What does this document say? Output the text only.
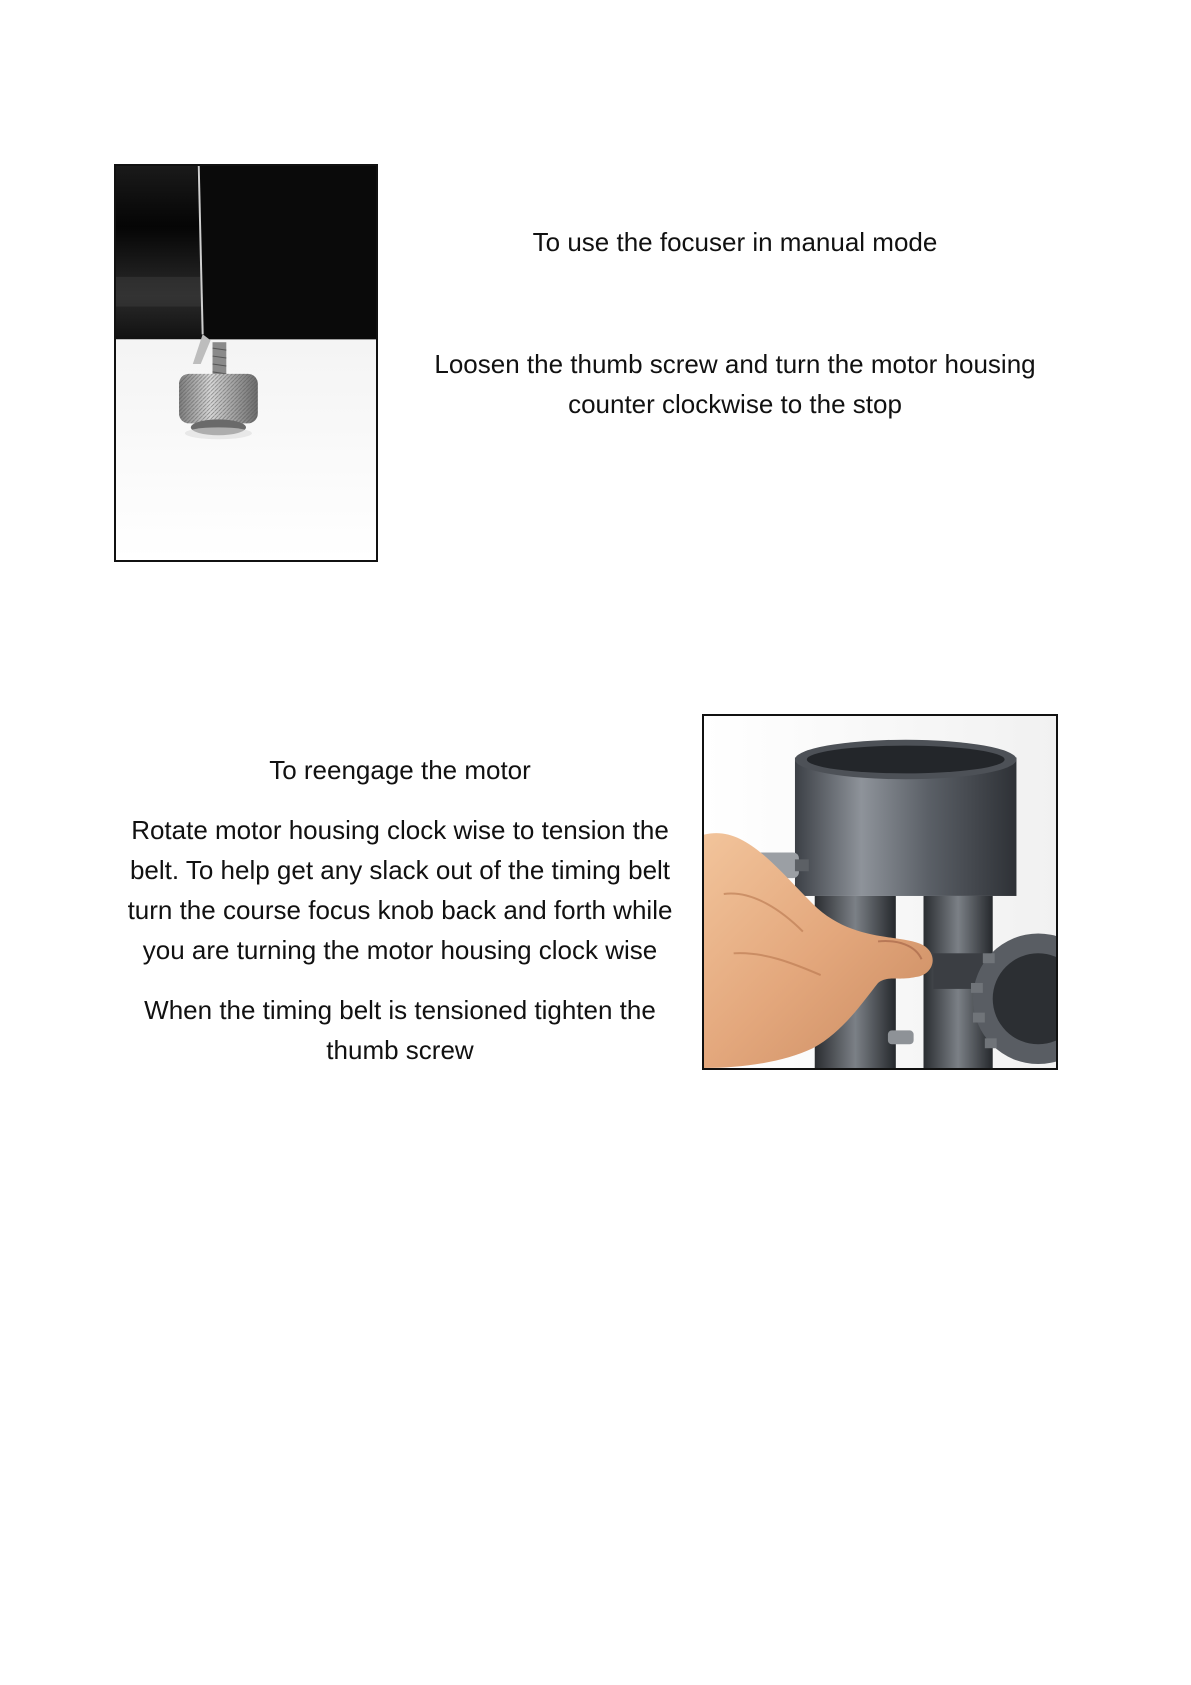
To use the focuser in manual mode

Loosen the thumb screw and turn the motor housing counter clockwise to the stop

To reengage the motor

Rotate motor housing clock wise to tension the belt. To help get any slack out of the timing belt turn the course focus knob back and forth while you are turning the motor housing clock wise

When the timing belt is tensioned tighten the thumb screw
